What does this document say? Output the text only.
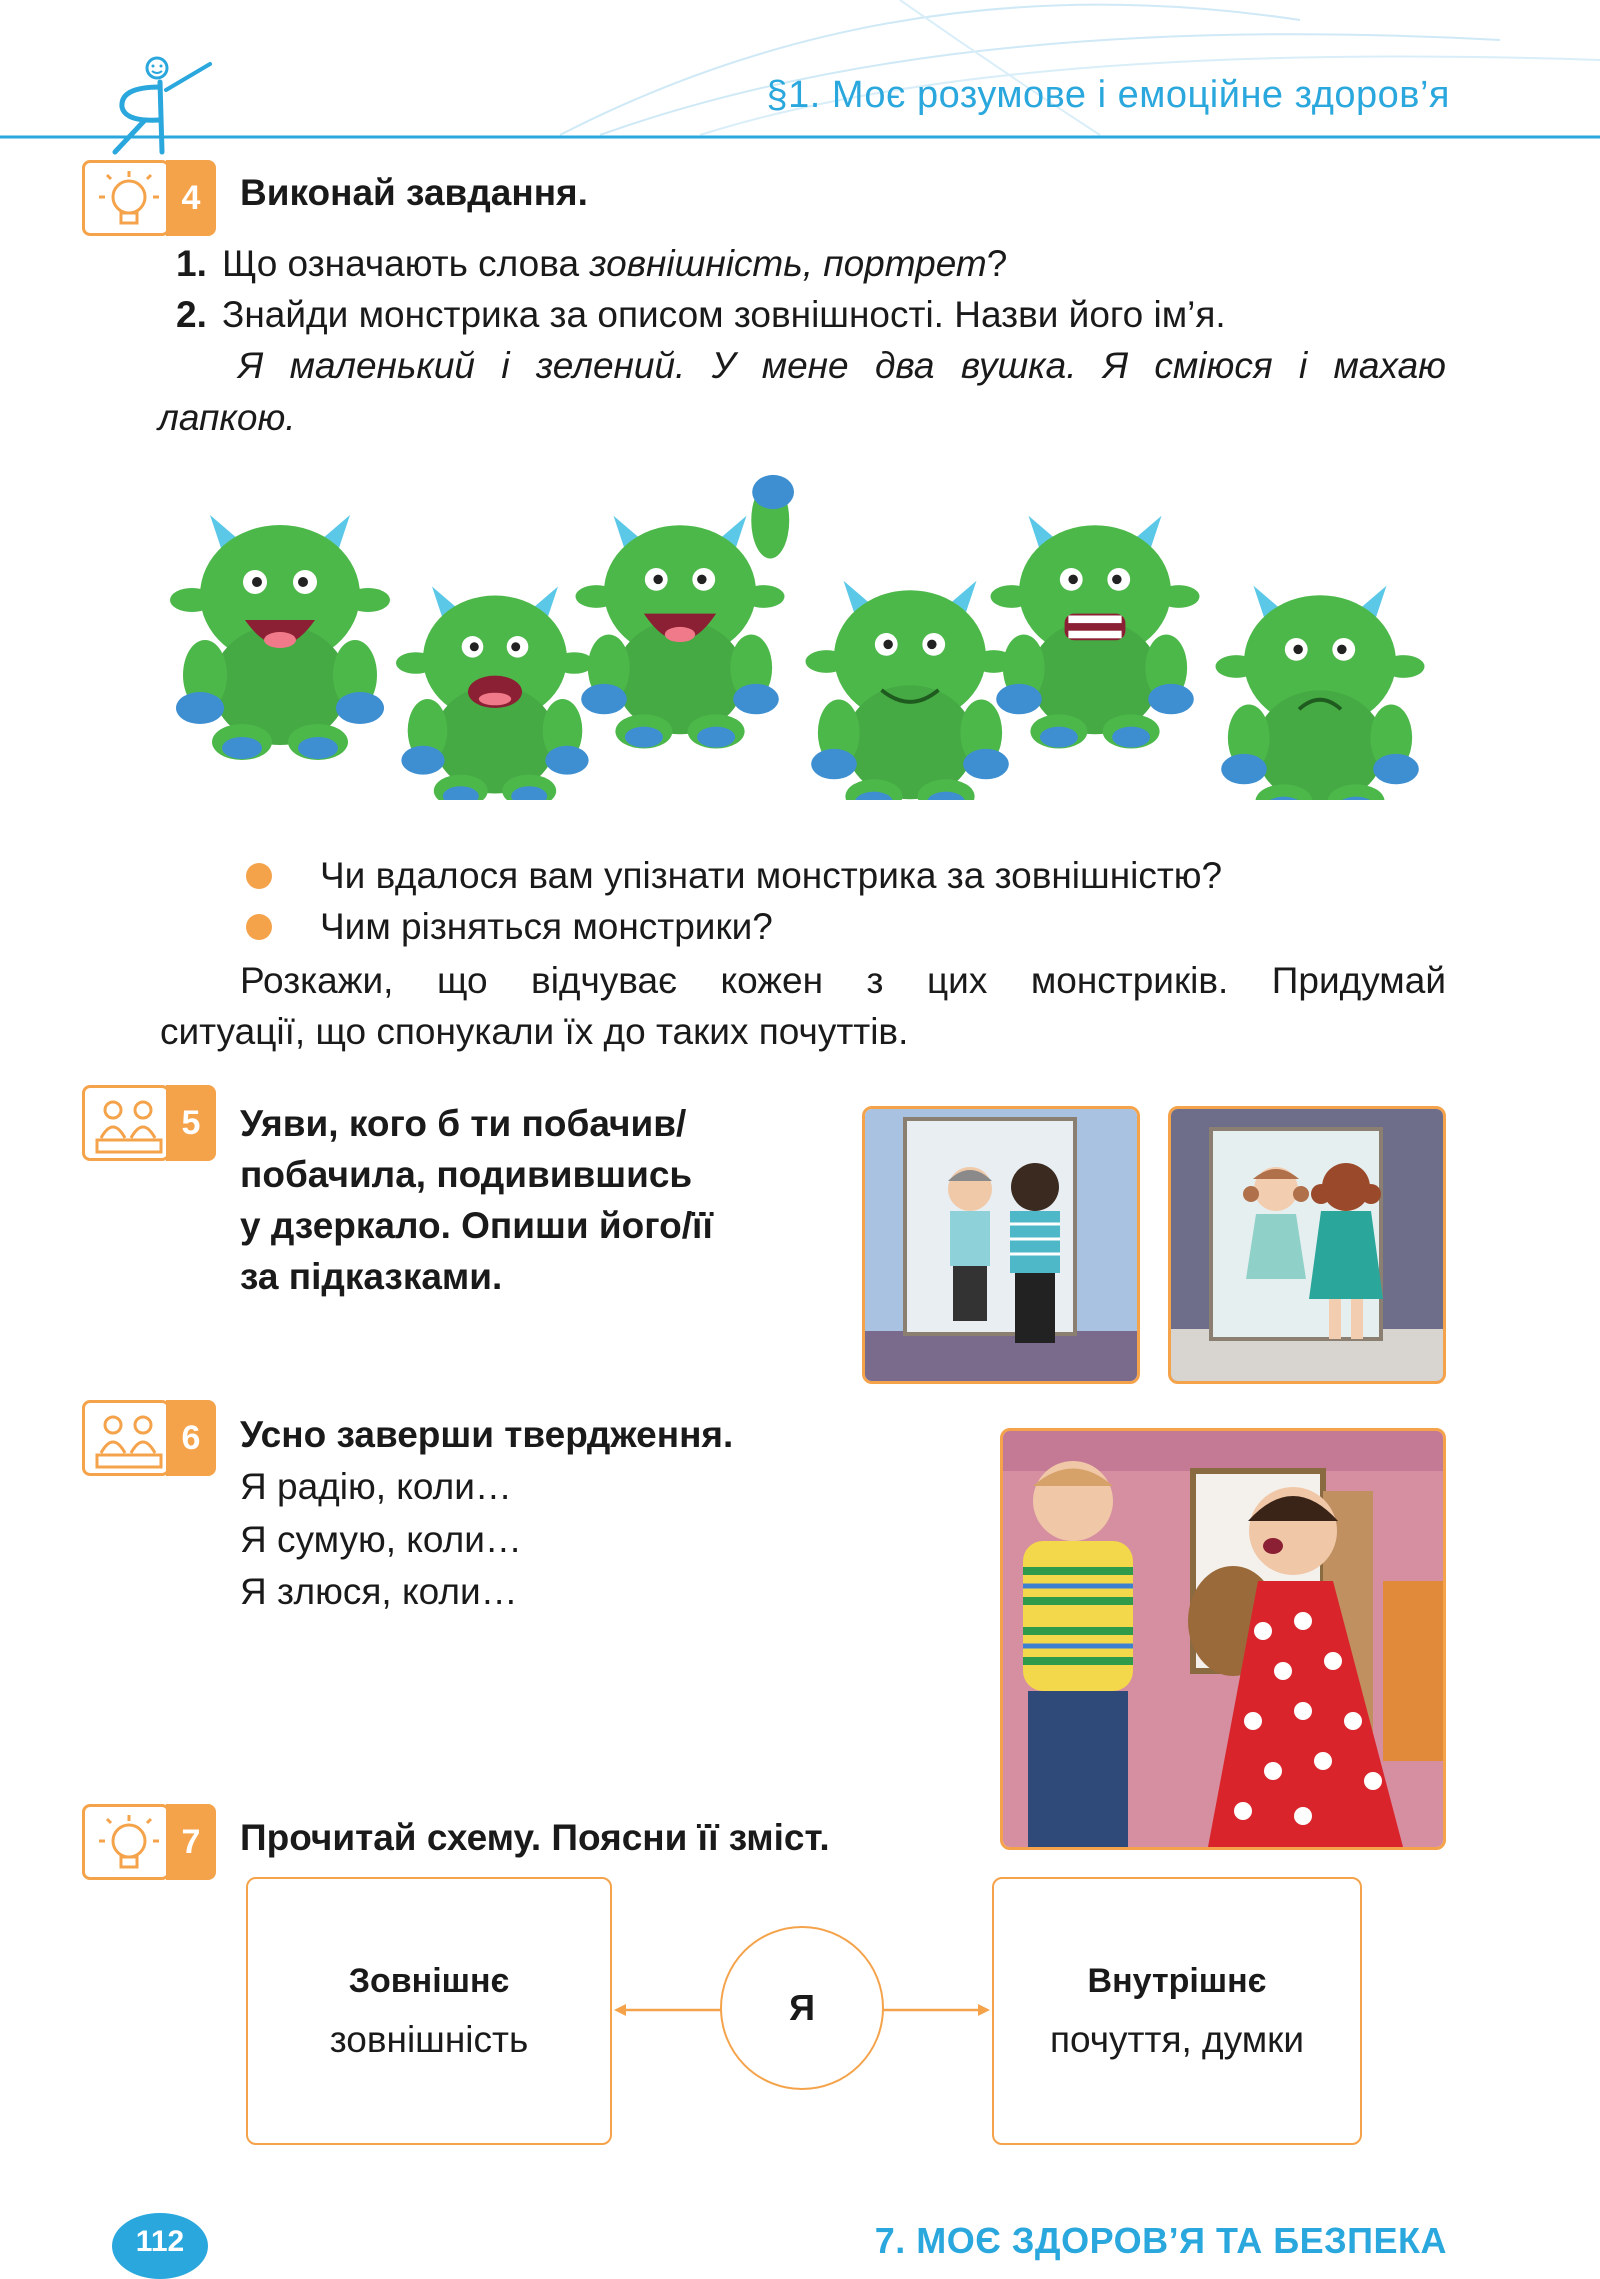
§1. Моє розумове і емоційне здоров’я
4	Виконай завдання.
1. Що означають слова зовнішність, портрет?
2. Знайди монстрика за описом зовнішності. Назви його ім’я.
Я маленький і зелений. У мене два вушка. Я сміюся і махаю
лапкою.
Чи вдалося вам упізнати монстрика за зовнішністю?
Чим різняться монстрики?
Розкажи, що відчуває кожен з цих монстриків. Придумай
ситуації, що спонукали їх до таких почуттів.
5	Уяви, кого б ти побачив/
побачила, подивившись
у дзеркало. Опиши його/її
за підказками.
6	Усно заверши твердження.
Я радію, коли…
Я сумую, коли…
Я злюся, коли…
7	Прочитай схему. Поясни її зміст.
Зовнішнє
зовнішність
Я
Внутрішнє
почуття, думки
112	7. МОЄ ЗДОРОВ’Я ТА БЕЗПЕКА
